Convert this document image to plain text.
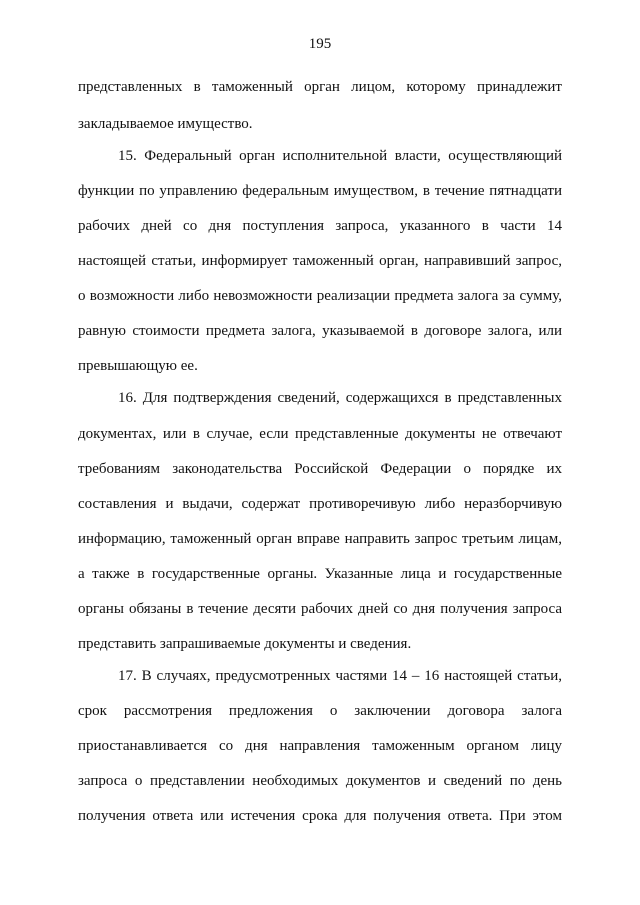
195
представленных в таможенный орган лицом, которому принадлежит
закладываемое имущество.
15. Федеральный орган исполнительной власти, осуществляющий
функции по управлению федеральным имуществом, в течение пятнадцати
рабочих дней со дня поступления запроса, указанного в части 14
настоящей статьи, информирует таможенный орган, направивший запрос,
о возможности либо невозможности реализации предмета залога за сумму,
равную стоимости предмета залога, указываемой в договоре залога, или
превышающую ее.
16. Для подтверждения сведений, содержащихся в представленных
документах, или в случае, если представленные документы не отвечают
требованиям законодательства Российской Федерации о порядке их
составления и выдачи, содержат противоречивую либо неразборчивую
информацию, таможенный орган вправе направить запрос третьим лицам,
а также в государственные органы. Указанные лица и государственные
органы обязаны в течение десяти рабочих дней со дня получения запроса
представить запрашиваемые документы и сведения.
17. В случаях, предусмотренных частями 14 – 16 настоящей статьи,
срок рассмотрения предложения о заключении договора залога
приостанавливается со дня направления таможенным органом лицу
запроса о представлении необходимых документов и сведений по день
получения ответа или истечения срока для получения ответа. При этом
